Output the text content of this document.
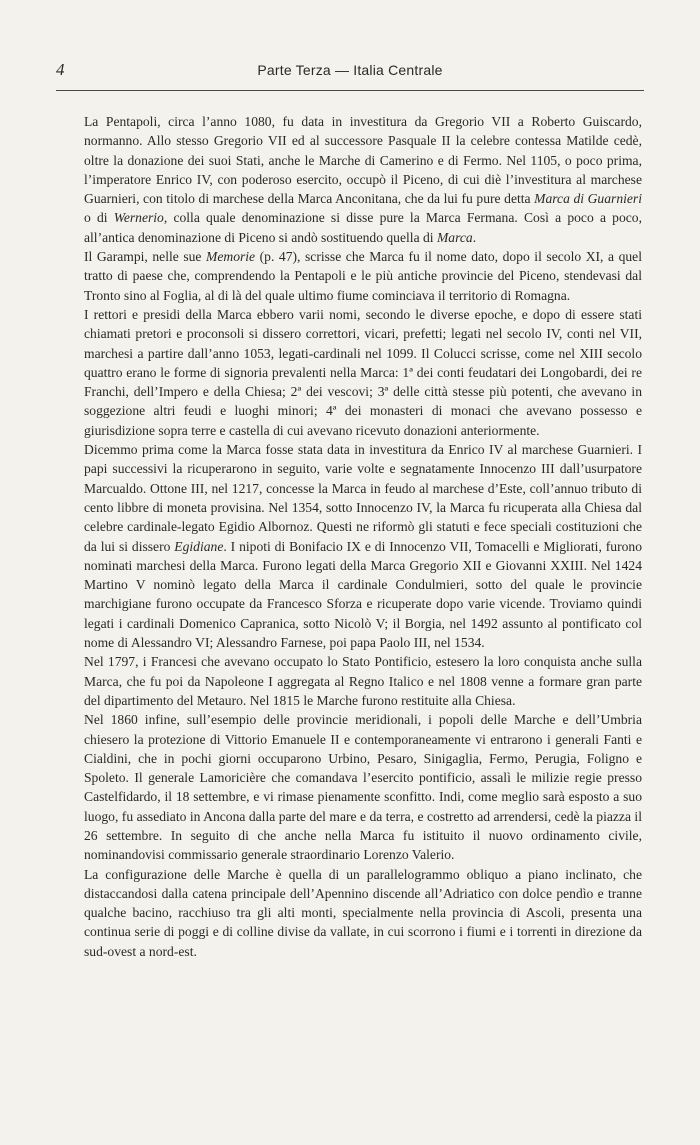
4	Parte Terza — Italia Centrale

La Pentapoli, circa l’anno 1080, fu data in investitura da Gregorio VII a Roberto Guiscardo, normanno. Allo stesso Gregorio VII ed al successore Pasquale II la celebre contessa Matilde cedè, oltre la donazione dei suoi Stati, anche le Marche di Camerino e di Fermo. Nel 1105, o poco prima, l’imperatore Enrico IV, con poderoso esercito, occupò il Piceno, di cui diè l’investitura al marchese Guarnieri, con titolo di marchese della Marca Anconitana, che da lui fu pure detta Marca di Guarnieri o di Wernerio, colla quale denominazione si disse pure la Marca Fermana. Così a poco a poco, all’antica denominazione di Piceno si andò sostituendo quella di Marca.

Il Garampi, nelle sue Memorie (p. 47), scrisse che Marca fu il nome dato, dopo il secolo XI, a quel tratto di paese che, comprendendo la Pentapoli e le più antiche provincie del Piceno, stendevasi dal Tronto sino al Foglia, al di là del quale ultimo fiume cominciava il territorio di Romagna.

I rettori e presidi della Marca ebbero varii nomi, secondo le diverse epoche, e dopo di essere stati chiamati pretori e proconsoli si dissero correttori, vicari, prefetti; legati nel secolo IV, conti nel VII, marchesi a partire dall’anno 1053, legati-cardinali nel 1099. Il Colucci scrisse, come nel XIII secolo quattro erano le forme di signoria prevalenti nella Marca: 1ª dei conti feudatari dei Longobardi, dei re Franchi, dell’Impero e della Chiesa; 2ª dei vescovi; 3ª delle città stesse più potenti, che avevano in soggezione altri feudi e luoghi minori; 4ª dei monasteri di monaci che avevano possesso e giurisdizione sopra terre e castella di cui avevano ricevuto donazioni anteriormente.

Dicemmo prima come la Marca fosse stata data in investitura da Enrico IV al marchese Guarnieri. I papi successivi la ricuperarono in seguito, varie volte e segnatamente Innocenzo III dall’usurpatore Marcualdo. Ottone III, nel 1217, concesse la Marca in feudo al marchese d’Este, coll’annuo tributo di cento libbre di moneta provisina. Nel 1354, sotto Innocenzo IV, la Marca fu ricuperata alla Chiesa dal celebre cardinale-legato Egidio Albornoz. Questi ne riformò gli statuti e fece speciali costituzioni che da lui si dissero Egidiane. I nipoti di Bonifacio IX e di Innocenzo VII, Tomacelli e Migliorati, furono nominati marchesi della Marca. Furono legati della Marca Gregorio XII e Giovanni XXIII. Nel 1424 Martino V nominò legato della Marca il cardinale Condulmieri, sotto del quale le provincie marchigiane furono occupate da Francesco Sforza e ricuperate dopo varie vicende. Troviamo quindi legati i cardinali Domenico Capranica, sotto Nicolò V; il Borgia, nel 1492 assunto al pontificato col nome di Alessandro VI; Alessandro Farnese, poi papa Paolo III, nel 1534.

Nel 1797, i Francesi che avevano occupato lo Stato Pontificio, estesero la loro conquista anche sulla Marca, che fu poi da Napoleone I aggregata al Regno Italico e nel 1808 venne a formare gran parte del dipartimento del Metauro. Nel 1815 le Marche furono restituite alla Chiesa.

Nel 1860 infine, sull’esempio delle provincie meridionali, i popoli delle Marche e dell’Umbria chiesero la protezione di Vittorio Emanuele II e contemporaneamente vi entrarono i generali Fanti e Cialdini, che in pochi giorni occuparono Urbino, Pesaro, Sinigaglia, Fermo, Perugia, Foligno e Spoleto. Il generale Lamoricière che comandava l’esercito pontificio, assalì le milizie regie presso Castelfidardo, il 18 settembre, e vi rimase pienamente sconfitto. Indi, come meglio sarà esposto a suo luogo, fu assediato in Ancona dalla parte del mare e da terra, e costretto ad arrendersi, cedè la piazza il 26 settembre. In seguito di che anche nella Marca fu istituito il nuovo ordinamento civile, nominandovisi commissario generale straordinario Lorenzo Valerio.

La configurazione delle Marche è quella di un parallelogrammo obliquo a piano inclinato, che distaccandosi dalla catena principale dell’Apennino discende all’Adriatico con dolce pendìo e tranne qualche bacino, racchiuso tra gli alti monti, specialmente nella provincia di Ascoli, presenta una continua serie di poggi e di colline divise da vallate, in cui scorrono i fiumi e i torrenti in direzione da sud-ovest a nord-est.
